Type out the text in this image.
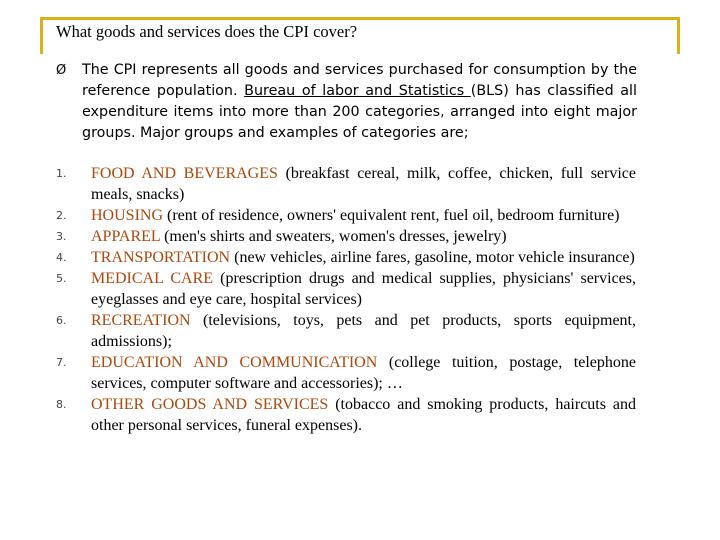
What goods and services does the CPI cover?
Ø The CPI represents all goods and services purchased for consumption by the reference population. Bureau of labor and Statistics (BLS) has classified all expenditure items into more than 200 categories, arranged into eight major groups. Major groups and examples of categories are;
1. FOOD AND BEVERAGES (breakfast cereal, milk, coffee, chicken, full service meals, snacks)
2. HOUSING (rent of residence, owners' equivalent rent, fuel oil, bedroom furniture)
3. APPAREL (men's shirts and sweaters, women's dresses, jewelry)
4. TRANSPORTATION (new vehicles, airline fares, gasoline, motor vehicle insurance)
5. MEDICAL CARE (prescription drugs and medical supplies, physicians' services, eyeglasses and eye care, hospital services)
6. RECREATION (televisions, toys, pets and pet products, sports equipment, admissions);
7. EDUCATION AND COMMUNICATION (college tuition, postage, telephone services, computer software and accessories); …
8. OTHER GOODS AND SERVICES (tobacco and smoking products, haircuts and other personal services, funeral expenses).
